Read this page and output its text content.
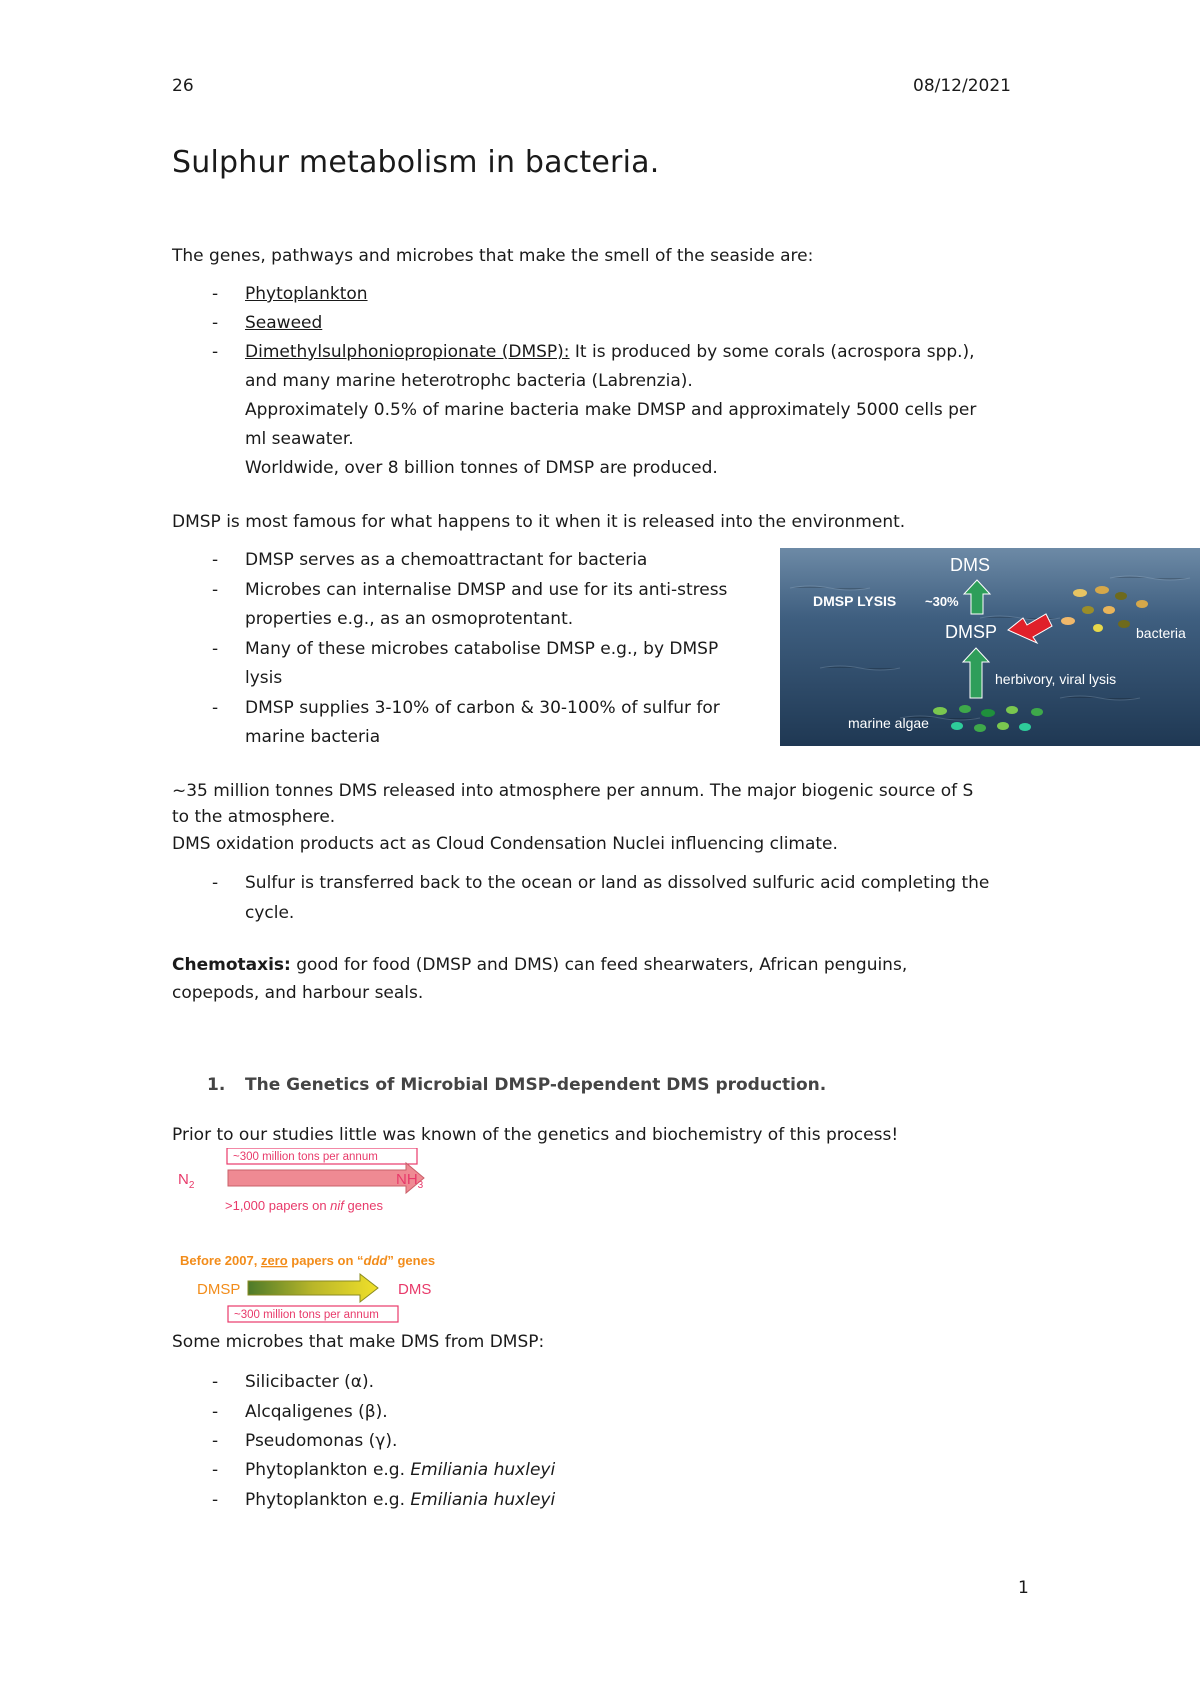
26	08/12/2021
Sulphur metabolism in bacteria.
The genes, pathways and microbes that make the smell of the seaside are:
- Phytoplankton
- Seaweed
- Dimethylsulphoniopropionate (DMSP): It is produced by some corals (acrospora spp.),
and many marine heterotrophc bacteria (Labrenzia).
Approximately 0.5% of marine bacteria make DMSP and approximately 5000 cells per
ml seawater.
Worldwide, over 8 billion tonnes of DMSP are produced.
DMSP is most famous for what happens to it when it is released into the environment.
- DMSP serves as a chemoattractant for bacteria
- Microbes can internalise DMSP and use for its anti-stress
properties e.g., as an osmoprotentant.
- Many of these microbes catabolise DMSP e.g., by DMSP
lysis
- DMSP supplies 3-10% of carbon & 30-100% of sulfur for
marine bacteria
DMS
DMSP LYSIS ~30%
DMSP	bacteria
herbivory, viral lysis
marine algae
~35 million tonnes DMS released into atmosphere per annum. The major biogenic source of S
to the atmosphere.
DMS oxidation products act as Cloud Condensation Nuclei influencing climate.
- Sulfur is transferred back to the ocean or land as dissolved sulfuric acid completing the
cycle.
Chemotaxis: good for food (DMSP and DMS) can feed shearwaters, African penguins,
copepods, and harbour seals.
1. The Genetics of Microbial DMSP-dependent DMS production.
Prior to our studies little was known of the genetics and biochemistry of this process!
~300 million tons per annum
$N_2$	$NH_3$
>1,000 papers on nif genes
Before 2007, zero papers on “ddd” genes
DMSP	DMS
~300 million tons per annum
Some microbes that make DMS from DMSP:
- Silicibacter (α).
- Alcqaligenes (β).
- Pseudomonas (γ).
- Phytoplankton e.g. Emiliania huxleyi
- Phytoplankton e.g. Emiliania huxleyi
1
